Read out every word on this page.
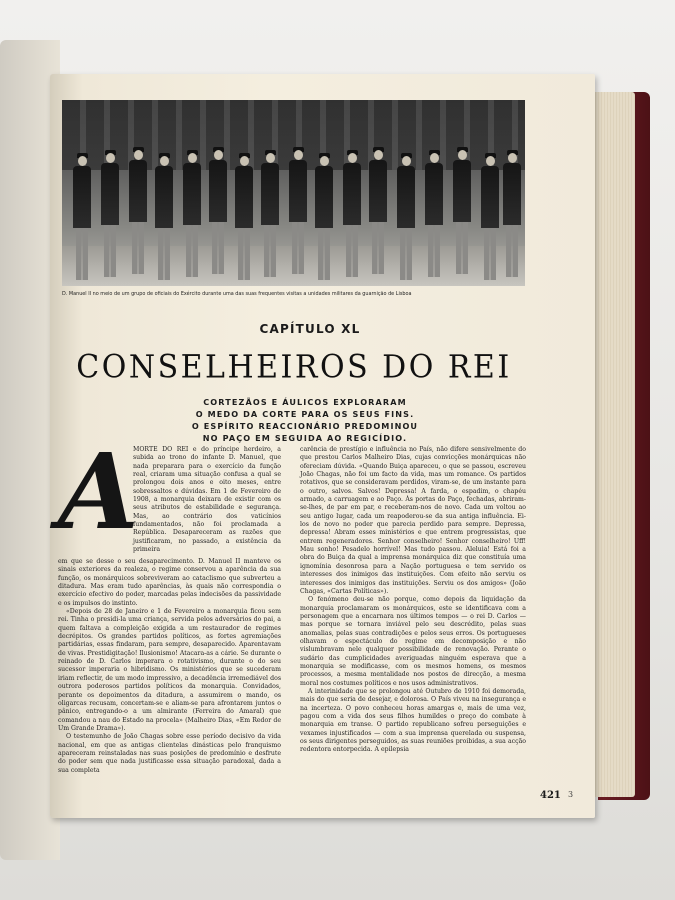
D. Manuel II no meio de um grupo de oficiais do Exército durante uma das suas frequentes visitas a unidades militares da guarnição de Lisboa
CAPÍTULO XL
CONSELHEIROS DO REI
CORTEZÃOS E ÁULICOS EXPLORARAM
O MEDO DA CORTE PARA OS SEUS FINS.
O ESPÍRITO REACCIONÁRIO PREDOMINOU
NO PAÇO EM SEGUIDA AO REGICÍDIO.
A

MORTE DO REI e do príncipe herdeiro, a subida ao trono do infante D. Manuel, que nada preparara para o exercício da função real, criaram uma situação confusa a qual se prolongou dois anos e oito meses, entre sobressaltos e dúvidas. Em 1 de Fevereiro de 1908, a monarquia deixara de existir com os seus atributos de estabilidade e segurança. Mas, ao contrário dos vaticínios fundamentados, não foi proclamada a República. Desapareceram as razões que justificaram, no passado, a existência da primeira

em que se desse o seu desaparecimento. D. Manuel II manteve os sinais exteriores da realeza, o regime conservou a aparência da sua função, os monárquicos sobreviveram ao cataclismo que subverteu a ditadura. Mas eram tudo aparências, às quais não correspondia o exercício efectivo do poder, marcadas pelas indecisões da passividade e os impulsos do instinto.

«Depois de 28 de Janeiro e 1 de Fevereiro a monarquia ficou sem rei. Tinha o presidi-la uma criança, servida pelos adversários do pai, a quem faltava a compleição exigida a um restaurador de regimes decrépitos. Os grandes partidos políticos, as fortes agremiações partidárias, essas findaram, para sempre, desaparecido. Aparentavam de vivas. Prestidigitação! Ilusionismo! Atacara-as a cárie. Se durante o reinado de D. Carlos imperara o rotativismo, durante o do seu sucessor imperaria o hibridismo. Os ministérios que se sucederam iriam reflectir, de um modo impressivo, a decadência irremediável dos outrora poderosos partidos políticos da monarquia. Convidados, perante os depoimentos da ditadura, a assumirem o mando, os oligarcas recusam, concertam-se e aliam-se para afrontarem juntos o pânico, entregando-o a um almirante (Ferreira do Amaral) que comandou a nau do Estado na procela» (Malheiro Dias, «Em Redor de Um Grande Drama»).

O testemunho de João Chagas sobre esse período decisivo da vida nacional, em que as antigas clientelas dinásticas pelo franquismo apareceram reinstaladas nas suas posições de predomínio e desfrute do poder sem que nada justificasse essa situação paradoxal, dada a sua completa

carência de prestígio e influência no País, não difere sensivelmente do que prestou Carlos Malheiro Dias, cujas convicções monárquicas não ofereciam dúvida. «Quando Buiça apareceu, o que se passou, escreveu João Chagas, não foi um facto da vida, mas um romance. Os partidos rotativos, que se consideravam perdidos, viram-se, de um instante para o outro, salvos. Salvos! Depressa! A farda, o espadim, o chapéu armado, a carruagem e ao Paço. Às portas do Paço, fechadas, abriram-se-lhes, de par em par, e receberam-nos de novo. Cada um voltou ao seu antigo lugar, cada um reapoderou-se da sua antiga influência. Ei-los de novo no poder que parecia perdido para sempre. Depressa, depressa! Abram esses ministérios e que entrem progressistas, que entrem regeneradores. Senhor conselheiro! Senhor conselheiro! Uff! Mau sonho! Pesadelo horrível! Mas tudo passou. Aleluia! Está foi a obra do Buiça da qual a imprensa monárquica diz que constituía uma ignomínia desonrosa para a Nação portuguesa e tem servido os interesses dos inimigos das instituições. Com efeito não serviu os interesses dos inimigos das instituições. Serviu os dos amigos» (João Chagas, «Cartas Políticas»).

O fenómeno deu-se não porque, como depois da liquidação da monarquia proclamaram os monárquicos, este se identificava com a personagem que a encarnara nos últimos tempos — o rei D. Carlos — mas porque se tornara inviável pelo seu descrédito, pelas suas anomalias, pelas suas contradições e pelos seus erros. Os portugueses olhavam o espectáculo do regime em decomposição e não vislumbravam nele qualquer possibilidade de renovação. Perante o sudário das cumplicidades averiguadas ninguém esperava que a monarquia se modificasse, com os mesmos homens, os mesmos processos, a mesma mentalidade nos postos de direcção, a mesma moral nos costumes políticos e nos usos administrativos.

A interinidade que se prolongou até Outubro de 1910 foi demorada, mais do que seria de desejar, e dolorosa. O País viveu na insegurança e na incerteza. O povo conheceu horas amargas e, mais de uma vez, pagou com a vida dos seus filhos humildes o preço do combate à monarquia em transe. O partido republicano sofreu perseguições e vexames injustificados — com a sua imprensa querelada ou suspensa, os seus dirigentes perseguidos, as suas reuniões proibidas, a sua acção redentora entorpecida. A epilepsia

421 3
